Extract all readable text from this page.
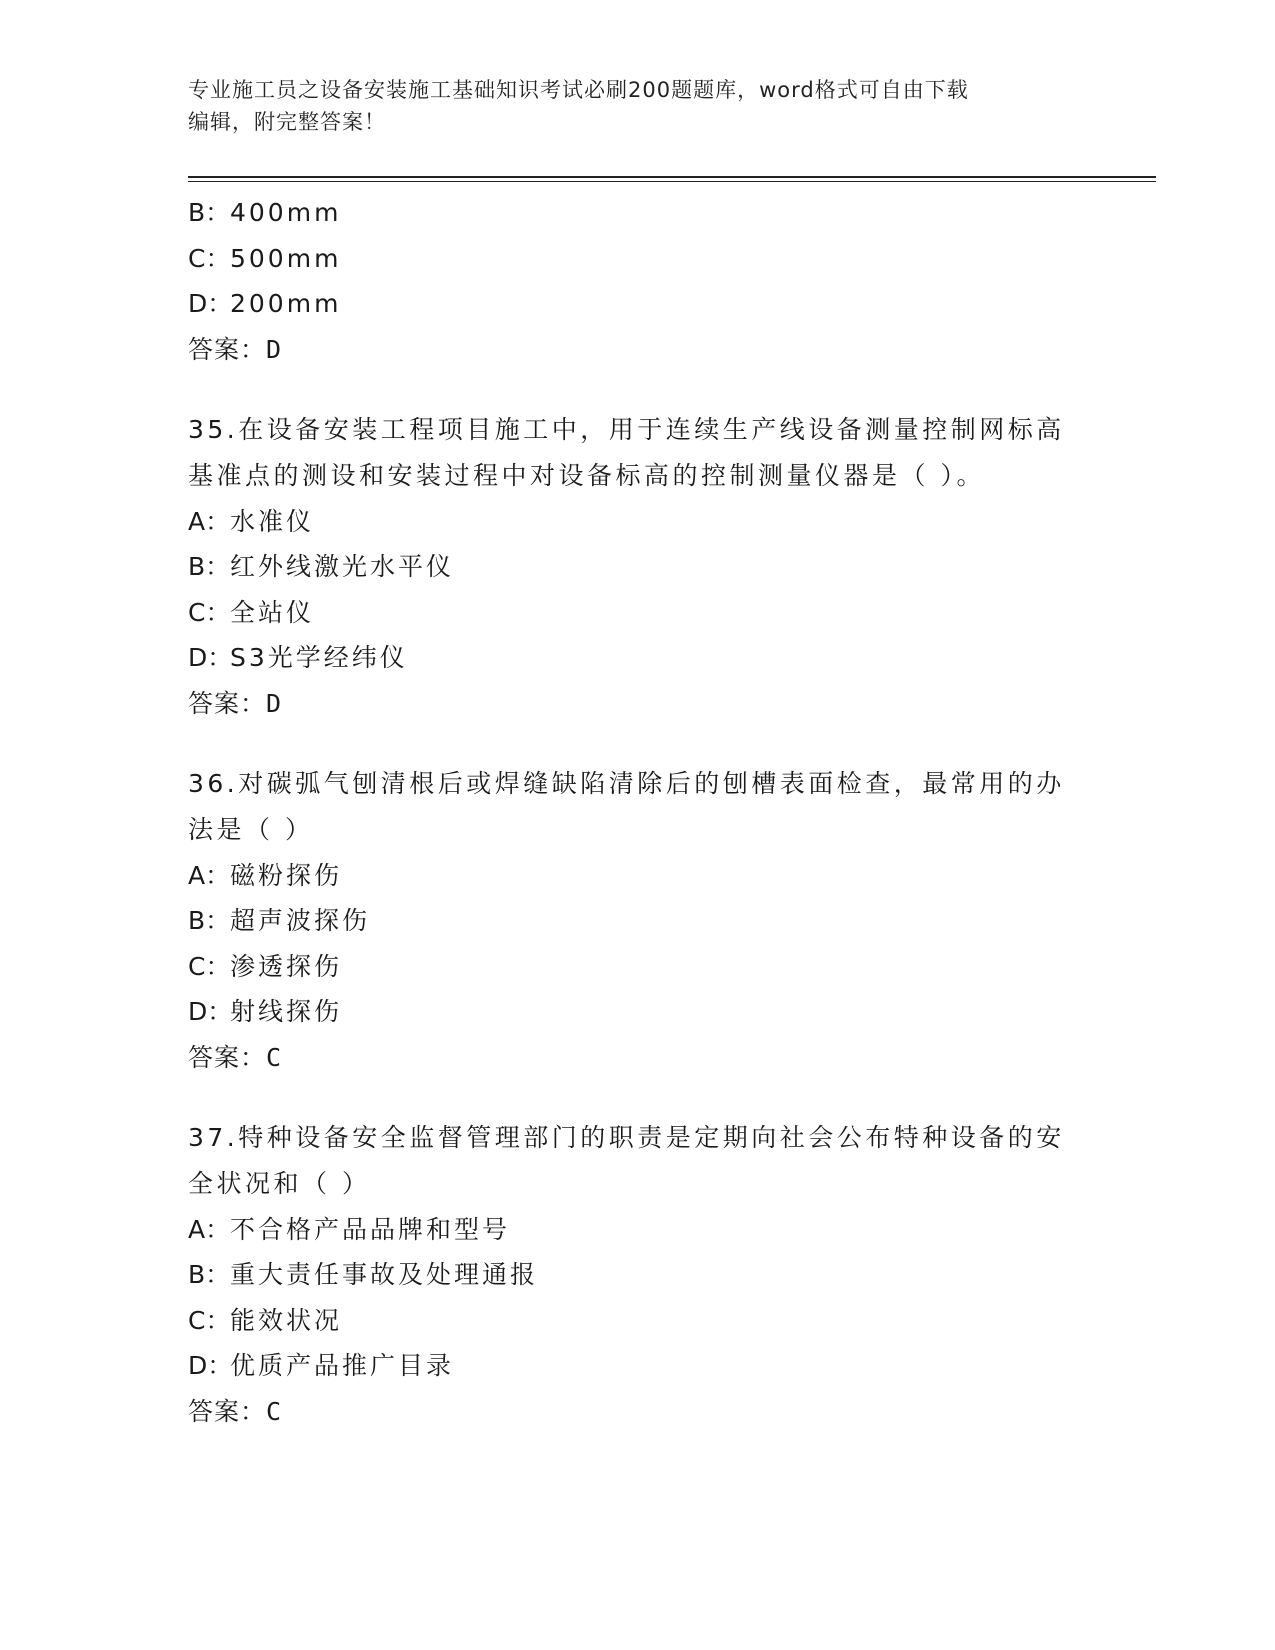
专业施工员之设备安装施工基础知识考试必刷200题题库，word格式可自由下载
编辑，附完整答案！
B：400mm
C：500mm
D：200mm
答案：D
35.在设备安装工程项目施工中，用于连续生产线设备测量控制网标高
基准点的测设和安装过程中对设备标高的控制测量仪器是（ ）。
A：水准仪
B：红外线激光水平仪
C：全站仪
D：S3光学经纬仪
答案：D
36.对碳弧气刨清根后或焊缝缺陷清除后的刨槽表面检查，最常用的办
法是（ ）
A：磁粉探伤
B：超声波探伤
C：渗透探伤
D：射线探伤
答案：C
37.特种设备安全监督管理部门的职责是定期向社会公布特种设备的安
全状况和（ ）
A：不合格产品品牌和型号
B：重大责任事故及处理通报
C：能效状况
D：优质产品推广目录
答案：C
